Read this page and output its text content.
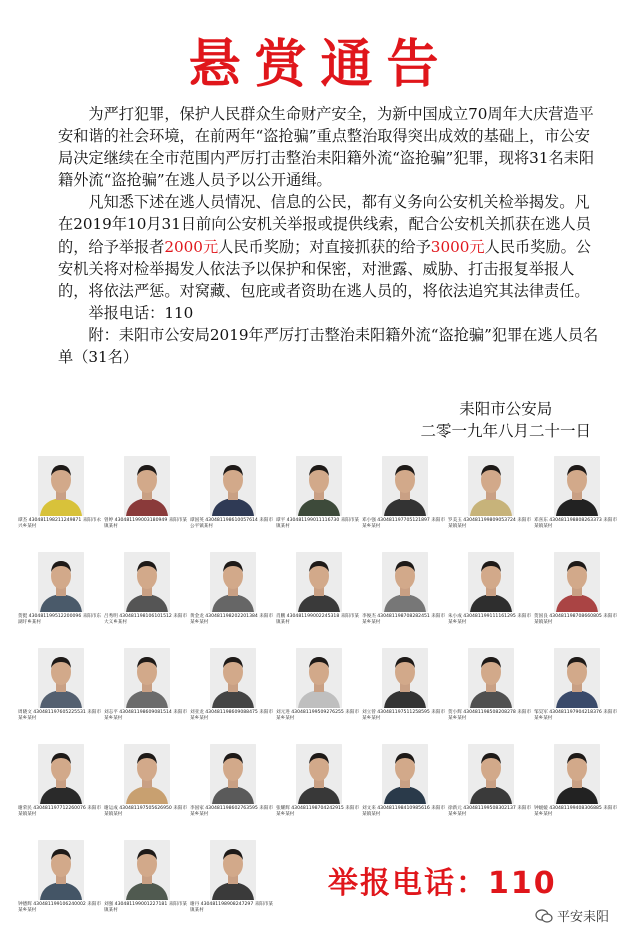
悬赏通告

为严打犯罪，保护人民群众生命财产安全，为新中国成立70周年大庆营造平安和谐的社会环境，在前两年“盗抢骗”重点整治取得突出成效的基础上，市公安局决定继续在全市范围内严厉打击整治耒阳籍外流“盗抢骗”犯罪，现将31名耒阳籍外流“盗抢骗”在逃人员予以公开通缉。

凡知悉下述在逃人员情况、信息的公民，都有义务向公安机关检举揭发。凡在2019年10月31日前向公安机关举报或提供线索，配合公安机关抓获在逃人员的，给予举报者2000元人民币奖励；对直接抓获的给予3000元人民币奖励。公安机关将对检举揭发人依法予以保护和保密，对泄露、威胁、打击报复举报人的，将依法严惩。对窝藏、包庇或者资助在逃人员的，将依法追究其法律责任。

举报电话：110

附：耒阳市公安局2019年严厉打击整治耒阳籍外流“盗抢骗”犯罪在逃人员名单（31名）

耒阳市公安局
二零一九年八月二十一日
谭杰 430481198211249871 耒阳市永兴乡某村
曾婷 430481199003180949 耒阳市某镇某村
谭国英 430481198610057614 耒阳市公平镇某村
谭平 430481199011116730 耒阳市某镇某村
邓小强 430481197705121897 耒阳市某乡某村
罗美玉 430481199809053724 耒阳市某镇某村
邓喜东 430481198808263373 耒阳市某镇某村
贺挺 430481199512200096 耒阳市东湖圩乡某村
吕秀明 430481198106101512 耒阳市大义乡某村
黄金龙 430481198202201384 耒阳市某乡某村
肖鹏 430481199002245318 耒阳市某镇某村
李俊杰 430481198708282451 耒阳市某乡某村
朱小成 430481199111161295 耒阳市某乡某村
贺国良 430481198708660805 耒阳市某镇某村
周晓文 430481197605225531 耒阳市某乡某村
刘志平 430481198609081514 耒阳市某乡某村
刘亚龙 430481198609088475 耒阳市某乡某村
刘元进 430481199509276255 耒阳市某乡某村
刘立曾 430481197511258595 耒阳市某乡某村
贺小辉 430481198508208278 耒阳市某乡某村
邹昊军 430481197904218376 耒阳市某乡某村
谢荣民 430481197712260076 耒阳市某镇某村
谢运成 430481197505626950 耒阳市某镇某村
李国家 430481198602763595 耒阳市某乡某村
张耀辉 430481198704242915 耒阳市某乡某村
刘文来 430481198410985616 耒阳市某镇某村
徐新元 430481199508302137 耒阳市某乡某村
钟媛媛 430481199408306885 耒阳市某乡某村
钟德辉 430481199106240002 耒阳市某乡某村
刘强 430481199001227181 耒阳市某镇某村
谢丹 430481198908247297 耒阳市某镇某村
举报电话：110
平安耒阳
